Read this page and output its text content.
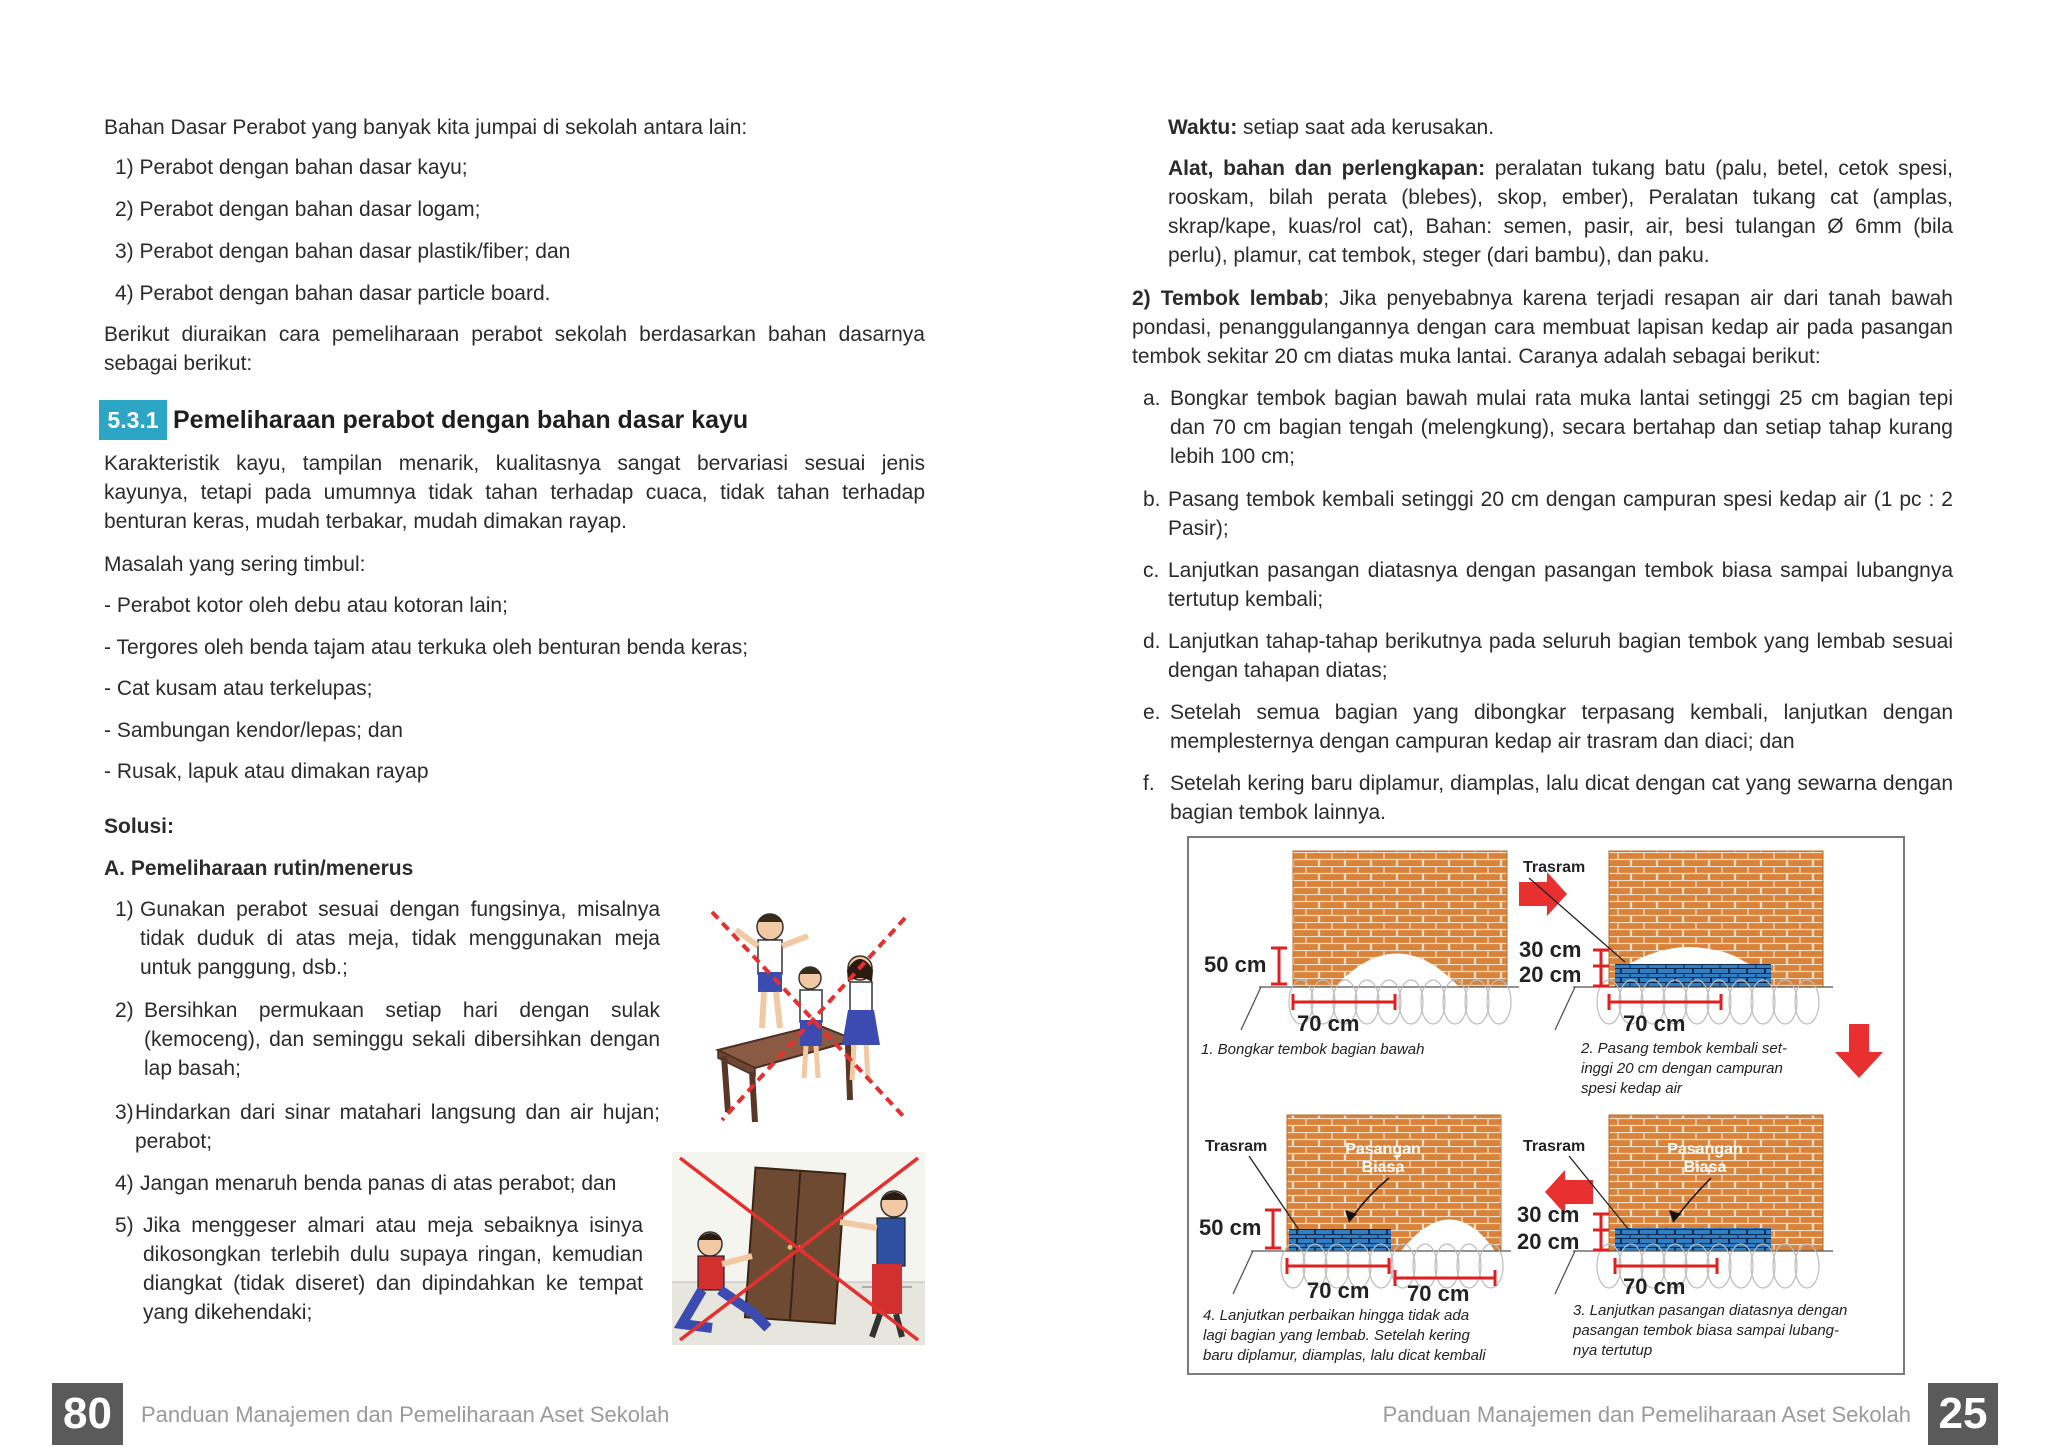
Bahan Dasar Perabot yang banyak kita jumpai di sekolah antara lain:
1) Perabot dengan bahan dasar kayu;
2) Perabot dengan bahan dasar logam;
3) Perabot dengan bahan dasar plastik/fiber; dan
4) Perabot dengan bahan dasar particle board.
Berikut diuraikan cara pemeliharaan perabot sekolah berdasarkan bahan dasarnya sebagai berikut:
5.3.1 Pemeliharaan perabot dengan bahan dasar kayu
Karakteristik kayu, tampilan menarik, kualitasnya sangat bervariasi sesuai jenis kayunya, tetapi pada umumnya tidak tahan terhadap cuaca, tidak tahan terhadap benturan keras, mudah terbakar, mudah dimakan rayap.
Masalah yang sering timbul:
- Perabot kotor oleh debu atau kotoran lain;
- Tergores oleh benda tajam atau terkuka oleh benturan benda keras;
- Cat kusam atau terkelupas;
- Sambungan kendor/lepas; dan
- Rusak, lapuk atau dimakan rayap
Solusi:
A. Pemeliharaan rutin/menerus
1) Gunakan perabot sesuai dengan fungsinya, misalnya tidak duduk di atas meja, tidak menggunakan meja untuk panggung, dsb.;
2) Bersihkan permukaan setiap hari dengan sulak (kemoceng), dan seminggu sekali dibersihkan dengan lap basah;
3) Hindarkan dari sinar matahari langsung dan air hujan; perabot;
4) Jangan menaruh benda panas di atas perabot; dan
5) Jika menggeser almari atau meja sebaiknya isinya dikosongkan terlebih dulu supaya ringan, kemudian diangkat (tidak diseret) dan dipindahkan ke tempat yang dikehendaki;
80	Panduan Manajemen dan Pemeliharaan Aset Sekolah
Waktu: setiap saat ada kerusakan.
Alat, bahan dan perlengkapan: peralatan tukang batu (palu, betel, cetok spesi, rooskam, bilah perata (blebes), skop, ember), Peralatan tukang cat (amplas, skrap/kape, kuas/rol cat), Bahan: semen, pasir, air, besi tulangan Ø 6mm (bila perlu), plamur, cat tembok, steger (dari bambu), dan paku.
2) Tembok lembab; Jika penyebabnya karena terjadi resapan air dari tanah bawah pondasi, penanggulangannya dengan cara membuat lapisan kedap air pada pasangan tembok sekitar 20 cm diatas muka lantai. Caranya adalah sebagai berikut:
a. Bongkar tembok bagian bawah mulai rata muka lantai setinggi 25 cm bagian tepi dan 70 cm bagian tengah (melengkung), secara bertahap dan setiap tahap kurang lebih 100 cm;
b. Pasang tembok kembali setinggi 20 cm dengan campuran spesi kedap air (1 pc : 2 Pasir);
c. Lanjutkan pasangan diatasnya dengan pasangan tembok biasa sampai lubangnya tertutup kembali;
d. Lanjutkan tahap-tahap berikutnya pada seluruh bagian tembok yang lembab sesuai dengan tahapan diatas;
e. Setelah semua bagian yang dibongkar terpasang kembali, lanjutkan dengan memplesternya dengan campuran kedap air trasram dan diaci; dan
f. Setelah kering baru diplamur, diamplas, lalu dicat dengan cat yang sewarna dengan bagian tembok lainnya.
Panduan Manajemen dan Pemeliharaan Aset Sekolah 25
50 cm
70 cm
1. Bongkar tembok bagian bawah
Trasram
30 cm
20 cm
70 cm
2. Pasang tembok kembali set-
inggi 20 cm dengan campuran
spesi kedap air
Pasangan
Biasa
Trasram
50 cm
70 cm 70 cm
4. Lanjutkan perbaikan hingga tidak ada
lagi bagian yang lembab. Setelah kering
baru diplamur, diamplas, lalu dicat kembali
Pasangan
Biasa
Trasram
30 cm
20 cm
70 cm
3. Lanjutkan pasangan diatasnya dengan
pasangan tembok biasa sampai lubang-
nya tertutup
